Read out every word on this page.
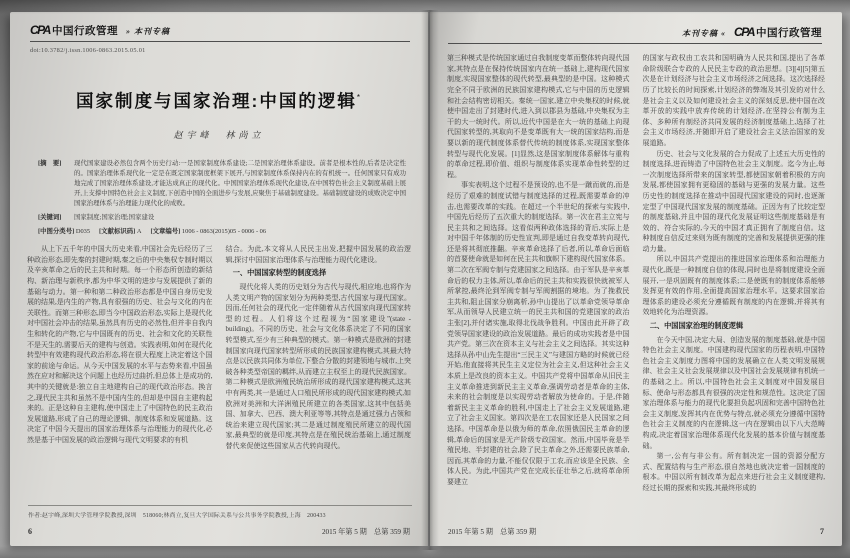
CPA 中国行政管理 » 本刊专稿
doi:10.3782/j.issn.1006-0863.2015.05.01
国家制度与国家治理:中国的逻辑*
赵宇峰　林尚立
[摘　要]	现代国家建设必然包含两个历史行动:一是国家制度体系建设;二是国家治理体系建设。前者是根本性的,后者是决定性的。国家治理体系现代化一定是在既定国家制度框架下展开,与国家制度体系保持内在的有机统一。任何国家只有成功地完成了国家治理体系建设,才能达成真正的现代化。中国国家治理体系现代化建设,在中国特色社会主义制度基础上展开,上支撑中国特色社会主义制度,下创造中国的全面进步与发展,应聚焦于基础制度建设。基础制度建设的成败决定中国国家治理体系与治理能力现代化的成败。
[关键词]	国家制度;国家治理;国家建设
[中图分类号] D035 [文献标识码] A [文章编号] 1006 - 0863(2015)05 - 0006 - 06

从上下五千年的中国大历史来看,中国社会先后经历了三种政治形态,即先秦的封建时期,秦之后的中央集权专制时期以及辛亥革命之后的民主共和时期。每一个形态所创造的新结构、新治理与新秩序,都为中华文明的进步与发展提供了新的基础与动力。第一种和第二种政治形态都是中国自身历史发展的结果,是内生的产物,具有很强的历史、社会与文化的内在关联性。而第三种形态,即当今中国政治形态,实际上是现代化对中国社会冲击的结果,虽然具有历史的必然性,但并非自我内生和转化的产物,它与中国既有的历史、社会和文化的关联性不是天生的,需要后天的建构与创造。实践表明,如何在现代化转型中有效建构现代政治形态,将在很大程度上决定着这个国家的前途与命运。从今天中国发展的水平与态势来看,中国虽然在应对和解决这个问题上也经历过曲折,但总体上是成功的,其中的关键就是:独立自主地建构自己的现代政治形态。换言之,现代民主共和虽然不是中国内生的,但却是中国自主建构起来的。正是这种自主建构,使中国走上了中国特色的民主政治发展道路,形成了自己的理论逻辑、制度体系和发展道路。这决定了中国今天提出的国家治理体系与治理能力的现代化,必然是基于中国发展的政治逻辑与现代文明要求的有机

结合。为此,本文将从人民民主出发,把握中国发展的政治逻辑,探讨中国国家治理体系与治理能力现代化建设。

一、中国国家转型的制度选择

现代化将人类的历史划分为古代与现代,相应地,也将作为人类文明产物的国家划分为两种类型,古代国家与现代国家。因而,任何社会的现代化一定伴随着从古代国家向现代国家转型的过程。人们将这个过程视为“国家建设”(state - building)。不同的历史、社会与文化体系决定了不同的国家转型模式,至少有三种典型的模式。第一种模式是欧洲的封建制国家向现代国家转型所形成的民族国家建构模式,其最大特点是以民族共同体为单位,下整合分散的封建领地与城市,上突破各种类型帝国的羁绊,从而建立主权至上的现代民族国家。第二种模式是欧洲殖民统治所形成的现代国家建构模式,这其中有两类,其一是通过人口殖民所形成的现代国家建构模式,如欧洲对美洲和大洋洲殖民所建立的各类国家,这其中包括美国、加拿大、巴西、澳大利亚等等,其特点是通过强力占领和统治来建立现代国家;其二是通过制度殖民所建立的现代国家,最典型的就是印度,其特点是在殖民统治基础上,通过制度替代来促使这些国家从古代转向现代。

作者:赵宇峰,深圳大学管理学院教授,深圳　518060;林尚立,复旦大学国际关系与公共事务学院教授,上海　200433
6	2015 年第 5 期　总第 359 期
本刊专稿 « CPA 中国行政管理

第三种模式是传统国家通过自我制度变革而整体转向现代国家,其特点是在保持传统国家内在统一基础上,建构现代国家制度,实现国家整体的现代转型,最典型的是中国。这种模式完全不同于欧洲的民族国家建构模式,它与中国的历史逻辑和社会结构密切相关。秦统一国家,建立中央集权的时候,就使中国走出了封建时代,进入到以郡县为基础,中央集权为主干的大一统时代。所以,近代中国是在大一统的基础上向现代国家转型的,其取向不是变革既有大一统的国家结构,而是要以新的现代制度体系替代传统的制度体系,实现国家整体转型与现代化发展。[1]显然,这是国家制度体系解体与重构的革命过程,即价值、组织与制度体系实现革命性转型的过程。

事实表明,这个过程不是预设的,也不是一蹴而就的,而是经历了艰难的制度试错与制度选择的过程,既需要革命的冲击,也需要改革的实践。在超过一个半世纪的探索与实践中,中国先后经历了五次重大的制度选择。第一次在君主立宪与民主共和之间选择。这看似两种政体选择的背后,实际上是对中国千年体制的历史性宣判,即是通过自我变革转向现代,还是将其彻底推翻。辛亥革命选择了后者,所以,革命后面临的首要使命就是如何在民主共和旗帜下建构现代国家体系。第二次在军阀专制与党建国家之间选择。由于军队是辛亥革命后的权力主体,所以,革命后的民主共和实践很快就被军人所掌控,最终沦到军阀专制与军阀割据的境地。为了挽救民主共和,阻止国家分崩离析,孙中山提出了以革命党领导革命军,从而领导人民建立统一的民主共和国的党建国家的政治主张[2],并付诸实施,取得北伐战争胜利。中国由此开辟了政党领导国家建设的政治发展道路。最后的成功实践者是中国共产党。第三次在资本主义与社会主义之间选择。其实这种选择从孙中山先生提出“三民主义”与建国方略的时候就已经开始,他直接将其民生主义定位为社会主义,但这种社会主义本质上是改良的资本主义。中国共产党将中国革命从旧民主主义革命推进到新民主主义革命,强调劳动者是革命的主体,未来的社会制度是以实现劳动者解放为使命的。于是,伴随着新民主主义革命的胜利,中国走上了社会主义发展道路,建立了社会主义国家。第四次是在工农国家还是人民国家之间选择。中国革命是以俄为师的革命,依照俄国民主革命的逻辑,革命后的国家是无产阶级专政国家。然而,中国毕竟是半殖民地、半封建的社会,除了民主革命之外,还需要民族革命,因而,其革命的力量,不能仅仅限于工农,而应该是全民族、全体人民。为此,中国共产党在完成长征壮举之后,就将革命所要建立

的国家与政权由工农共和国明确为人民共和国,提出了各革命阶级联合专政的人民民主专政的政治思想。[3][4][5]第五次是在计划经济与社会主义市场经济之间选择。这次选择经历了比较长的时间探索,计划经济的弊端及其引发的对什么是社会主义以及如何建设社会主义的深刻反思,使中国在改革开放的实践中放弃传统的计划经济,在坚持公有制为主体、多种所有制经济共同发展的经济制度基础上,选择了社会主义市场经济,并随即开启了建设社会主义法治国家的发展道路。

历史、社会与文化发展的合力促成了上述五大历史性的制度选择,进而铸造了中国特色社会主义制度。迄今为止,每一次制度选择所带来的国家转型,都使国家朝着积极的方向发展,都使国家拥有更稳固的基础与更强的发展力量。这些历史性的制度选择在推动中国现代国家建设的同时,也逐渐定型了中国现代国家发展的制度基础。正因为有了比较定型的制度基础,并且中国的现代化发展证明这些制度基础是有效的、符合实际的,今天的中国才真正拥有了制度自信。这种制度自信反过来则为既有制度的完善和发展提供更强的推动力量。

所以,中国共产党提出的推进国家治理体系和治理能力现代化,既是一种制度自信的体现,同时也是将制度建设全面展开,一是巩固既有的制度体系;二是使既有的制度体系能够发挥更有效的作用,全面提高国家治理水平。这要求国家治理体系的建设必须充分遵循既有制度的内在逻辑,并将其有效地转化为治理资源。

二、中国国家治理的制度逻辑

在今天中国,决定大局、创造发展的制度基础,就是中国特色社会主义制度。中国建构现代国家的历程表明,中国特色社会主义制度力图将中国的发展确立在人类文明发展规律、社会主义社会发展规律以及中国社会发展规律有机统一的基础之上。所以,中国特色社会主义制度对中国发展目标、使命与形态都具有很强的决定性和规范性。这决定了国家治理体系与能力的现代化要担负起巩固和完善中国特色社会主义制度,发挥其内在优势与特点,就必须充分遵循中国特色社会主义制度的内在逻辑,这一内在逻辑由以下八大范畴构成,决定着国家治理体系现代化发展的基本价值与制度基础。

第一,公有与非公有。所有制决定一国的资源分配方式、配置结构与生产形态,很自然地也就决定着一国制度的根本。中国以所有制改革为起点来进行社会主义制度建构,经过长期的探索和实践,其最终形成的

2015 年第 5 期　总第 359 期	7
